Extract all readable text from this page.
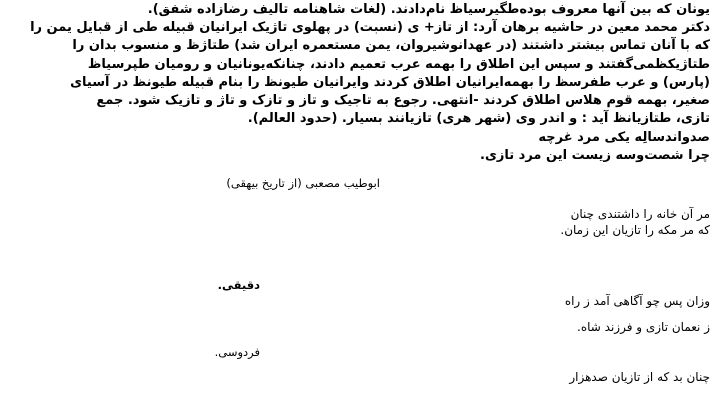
یونان که بین آنها معروف بوده‌طگیرسیاظ نام‌دادند. (لغات شاهنامه تالیف رضازاده شفق).
دکتر محمد معین در حاشیه برهان آرد: از تاز+ ی (نسبت) در پهلوی تاژیک ایرانیان قبیله طی از قبایل یمن را
که با آنان تماس بیشتر داشتند (در عهدانوشیروان، یمن مستعمره ایران شد) طتاژظ و منسوب بدان را
طتاژیکظمی‌گفتند و سپس این اطلاق را بهمه عرب تعمیم دادند، چنانکه‌یونانیان و رومیان طپرسیاظ
(پارس) و عرب طفرسظ را بهمه‌ایرانیان اطلاق کردند وایرانیان طیونظ را بنام قبیله طیونظ در آسیای
صغیر، بهمه قوم هلاس اطلاق کردند -انتهی. رجوع به تاجیک و تاز و تازک و تاژ و تازیک شود. جمع
تازی، طتازیانظ آید : و اندر وی (شهر هری) تازیانند بسیار. (حدود العالم).
صدواندسالِه یکی مرد غرچه
چرا شصت‌وسه زیست این مرد تازی.
ابوطیب مصعبی (از تاریخ بیهقی)
مر آن خانه را داشتندی چنان
که مر مکه را تازیان این زمان.
دقیقی.
وزان پس چو آگاهی آمد ز راه
ز نعمان تازی و فرزند شاه.
فردوسی.
چنان بد که از تازیان صدهزار
